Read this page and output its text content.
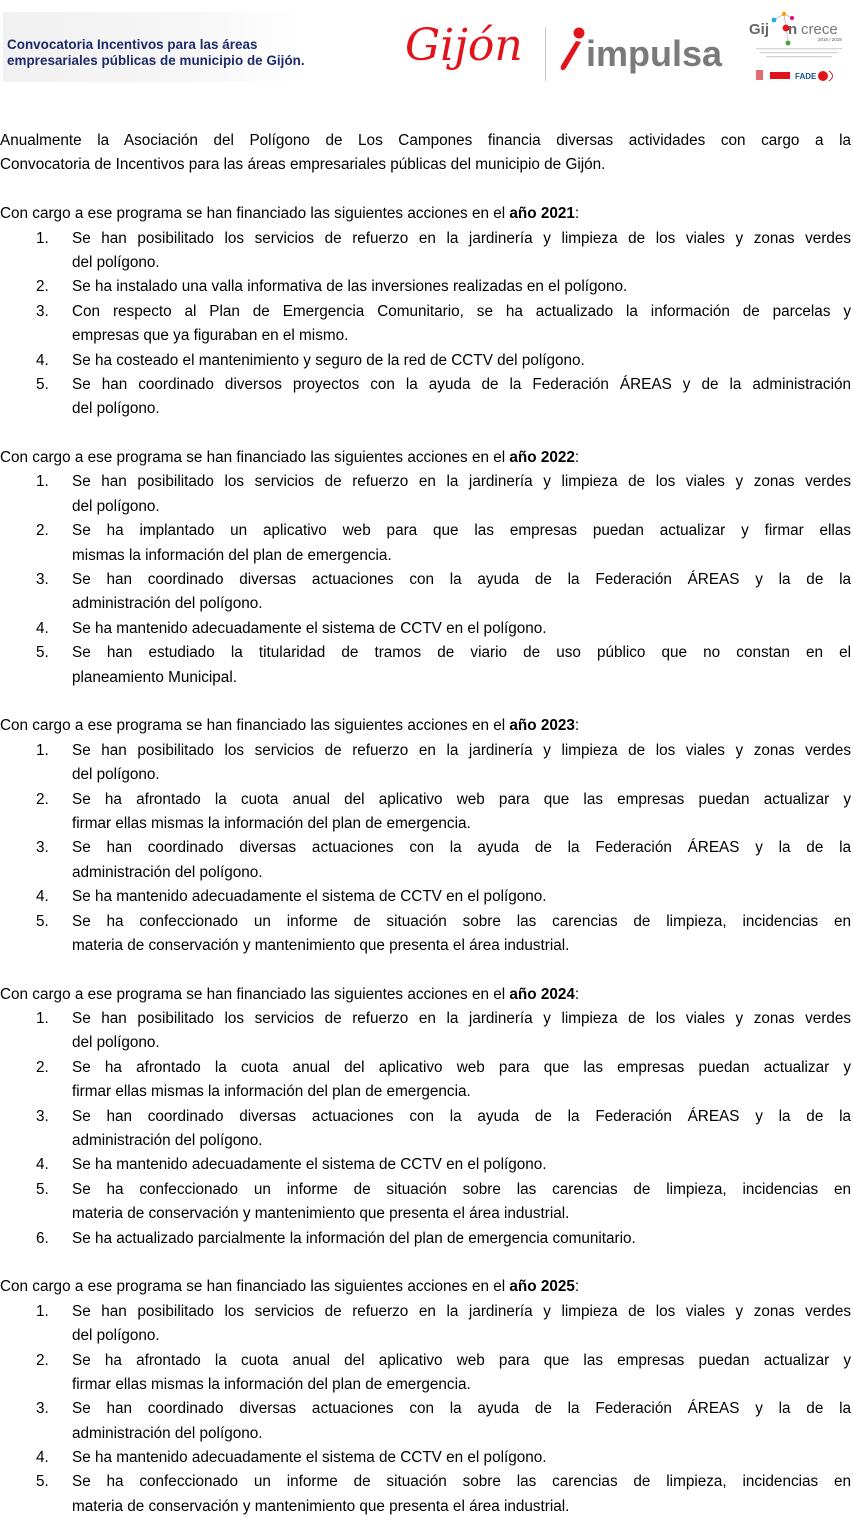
Convocatoria Incentivos para las áreas
empresariales públicas de municipio de Gijón.	Gijón impulsa
Gij n crece
2016 / 2019
FADE
Anualmente la Asociación del Polígono de Los Campones financia diversas actividades con cargo a la
Convocatoria de Incentivos para las áreas empresariales públicas del municipio de Gijón.
Con cargo a ese programa se han financiado las siguientes acciones en el año 2021:
1.	Se han posibilitado los servicios de refuerzo en la jardinería y limpieza de los viales y zonas verdes
del polígono.
2.	Se ha instalado una valla informativa de las inversiones realizadas en el polígono.
3.	Con respecto al Plan de Emergencia Comunitario, se ha actualizado la información de parcelas y
empresas que ya figuraban en el mismo.
4.	Se ha costeado el mantenimiento y seguro de la red de CCTV del polígono.
5.	Se han coordinado diversos proyectos con la ayuda de la Federación ÁREAS y de la administración
del polígono.
Con cargo a ese programa se han financiado las siguientes acciones en el año 2022:
1.	Se han posibilitado los servicios de refuerzo en la jardinería y limpieza de los viales y zonas verdes
del polígono.
2.	Se ha implantado un aplicativo web para que las empresas puedan actualizar y firmar ellas
mismas la información del plan de emergencia.
3.	Se han coordinado diversas actuaciones con la ayuda de la Federación ÁREAS y la de la
administración del polígono.
4.	Se ha mantenido adecuadamente el sistema de CCTV en el polígono.
5.	Se han estudiado la titularidad de tramos de viario de uso público que no constan en el
planeamiento Municipal.
Con cargo a ese programa se han financiado las siguientes acciones en el año 2023:
1.	Se han posibilitado los servicios de refuerzo en la jardinería y limpieza de los viales y zonas verdes
del polígono.
2.	Se ha afrontado la cuota anual del aplicativo web para que las empresas puedan actualizar y
firmar ellas mismas la información del plan de emergencia.
3.	Se han coordinado diversas actuaciones con la ayuda de la Federación ÁREAS y la de la
administración del polígono.
4.	Se ha mantenido adecuadamente el sistema de CCTV en el polígono.
5.	Se ha confeccionado un informe de situación sobre las carencias de limpieza, incidencias en
materia de conservación y mantenimiento que presenta el área industrial.
Con cargo a ese programa se han financiado las siguientes acciones en el año 2024:
1.	Se han posibilitado los servicios de refuerzo en la jardinería y limpieza de los viales y zonas verdes
del polígono.
2.	Se ha afrontado la cuota anual del aplicativo web para que las empresas puedan actualizar y
firmar ellas mismas la información del plan de emergencia.
3.	Se han coordinado diversas actuaciones con la ayuda de la Federación ÁREAS y la de la
administración del polígono.
4.	Se ha mantenido adecuadamente el sistema de CCTV en el polígono.
5.	Se ha confeccionado un informe de situación sobre las carencias de limpieza, incidencias en
materia de conservación y mantenimiento que presenta el área industrial.
6.	Se ha actualizado parcialmente la información del plan de emergencia comunitario.
Con cargo a ese programa se han financiado las siguientes acciones en el año 2025:
1.	Se han posibilitado los servicios de refuerzo en la jardinería y limpieza de los viales y zonas verdes
del polígono.
2.	Se ha afrontado la cuota anual del aplicativo web para que las empresas puedan actualizar y
firmar ellas mismas la información del plan de emergencia.
3.	Se han coordinado diversas actuaciones con la ayuda de la Federación ÁREAS y la de la
administración del polígono.
4.	Se ha mantenido adecuadamente el sistema de CCTV en el polígono.
5.	Se ha confeccionado un informe de situación sobre las carencias de limpieza, incidencias en
materia de conservación y mantenimiento que presenta el área industrial.
